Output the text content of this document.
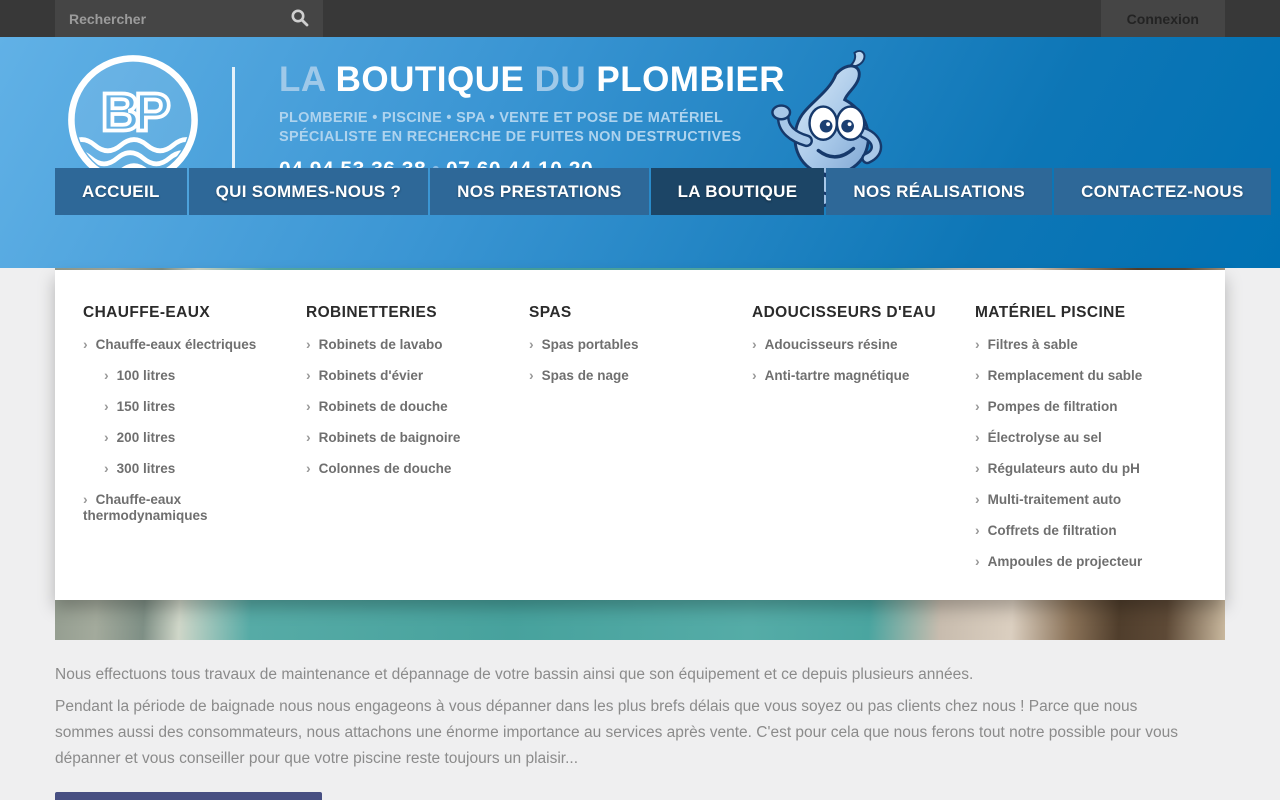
Rechercher
Connexion
BP
LA BOUTIQUE DU PLOMBIER
PLOMBERIE • PISCINE • SPA • VENTE ET POSE DE MATÉRIEL
SPÉCIALISTE EN RECHERCHE DE FUITES NON DESTRUCTIVES
ACCUEIL	QUI SOMMES-NOUS ?	NOS PRESTATIONS	LA BOUTIQUE	NOS RÉALISATIONS	CONTACTEZ-NOUS
CHAUFFE-EAUX
› Chauffe-eaux électriques
› 100 litres
› 150 litres
› 200 litres
› 300 litres
› Chauffe-eaux thermodynamiques
ROBINETTERIES
› Robinets de lavabo
› Robinets d'évier
› Robinets de douche
› Robinets de baignoire
› Colonnes de douche
SPAS
› Spas portables
› Spas de nage
ADOUCISSEURS D'EAU
› Adoucisseurs résine
› Anti-tartre magnétique
MATÉRIEL PISCINE
› Filtres à sable
› Remplacement du sable
› Pompes de filtration
› Électrolyse au sel
› Régulateurs auto du pH
› Multi-traitement auto
› Coffrets de filtration
› Ampoules de projecteur

Nous effectuons tous travaux de maintenance et dépannage de votre bassin ainsi que son équipement et ce depuis plusieurs années.

Pendant la période de baignade nous nous engageons à vous dépanner dans les plus brefs délais que vous soyez ou pas clients chez nous ! Parce que nous sommes aussi des consommateurs, nous attachons une énorme importance au services après vente. C'est pour cela que nous ferons tout notre possible pour vous dépanner et vous conseiller pour que votre piscine reste toujours un plaisir...
